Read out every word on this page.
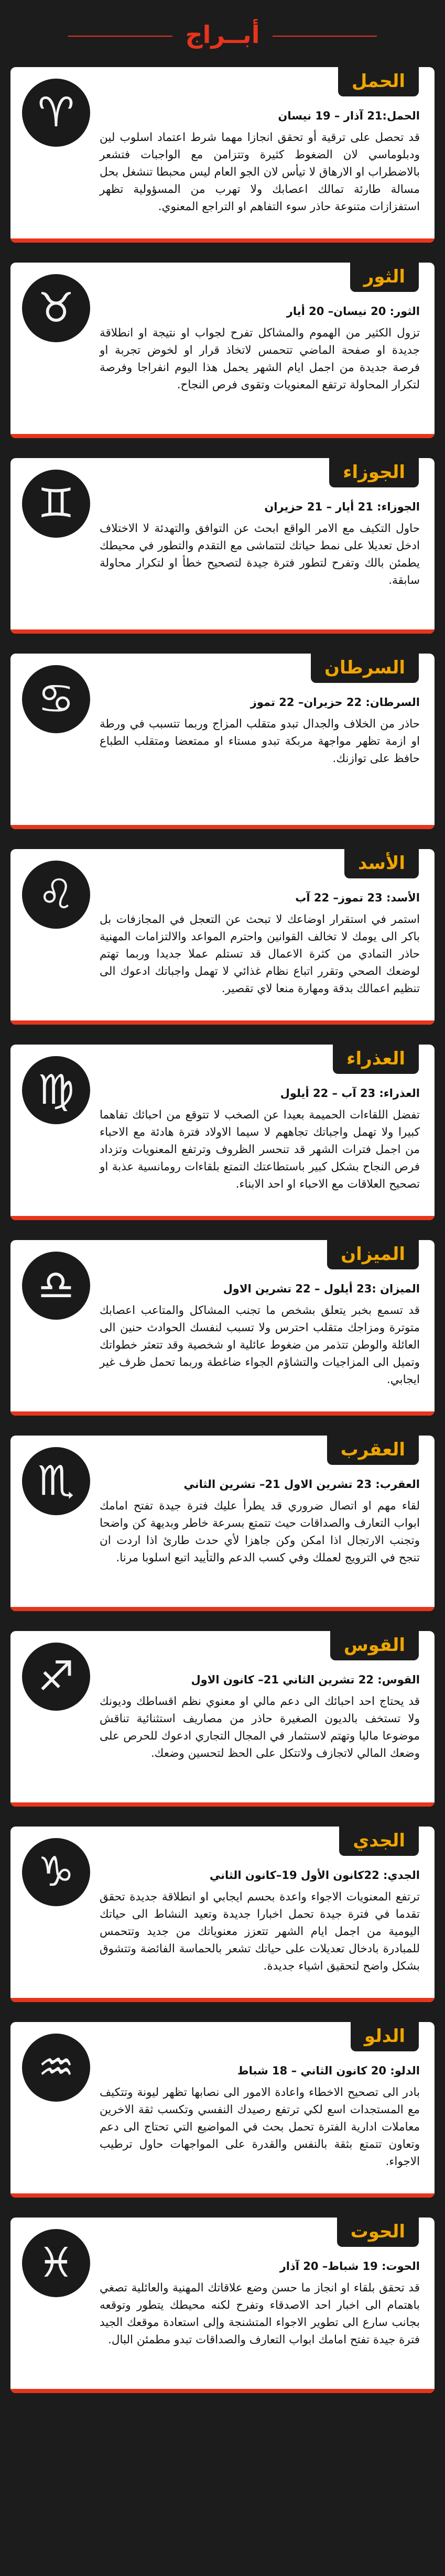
أبــراج
الحمل
♈	الحمل:21 آذار – 19 نيسان

قد تحصل على ترقية أو تحقق انجازا مهما شرط اعتماد اسلوب لين ودبلوماسي لان الضغوط كثيرة وتتزامن مع الواجبات فتشعر بالاضطراب او الارهاق لا تيأس لان الجو العام ليس محبطا تنشغل بحل مسالة طارئة تمالك اعصابك ولا تهرب من المسؤولية تظهر استفزازات متنوعة حاذر سوء التفاهم او التراجع المعنوي.

الثور
♉	الثور: 20 نيسان– 20 أيار

تزول الكثير من الهموم والمشاكل تفرح لجواب او نتيجة او انطلاقة جديدة او صفحة الماضي تتحمس لاتخاذ قرار او لخوض تجربة او فرصة جديدة من اجمل ايام الشهر يحمل هذا اليوم انفراجا وفرصة لتكرار المحاولة ترتفع المعنويات وتقوى فرص النجاح.

الجوزاء
♊	الجوزاء: 21 أيار – 21 حزيران

حاول التكيف مع الامر الواقع ابحث عن التوافق والتهدئة لا الاختلاف ادخل تعديلا على نمط حياتك لتتماشى مع التقدم والتطور في محيطك يطمئن بالك وتفرح لتطور فترة جيدة لتصحيح خطأ او لتكرار محاولة سابقة.

السرطان
♋	السرطان: 22 حزيران– 22 تموز

حاذر من الخلاف والجدال تبدو متقلب المزاج وربما تتسبب في ورطة او ازمة تظهر مواجهة مربكة تبدو مستاء او ممتعضا ومتقلب الطباع حافظ على توازنك.

الأسد
♌	الأسد: 23 تموز– 22 آب

استمر في استقرار اوضاعك لا تبحث عن التعجل في المجازفات بل باكر الى يومك لا تخالف القوانين واحترم المواعد والالتزامات المهنية حاذر التمادي من كثرة الاعمال قد تستلم عملا جديدا وربما تهتم لوضعك الصحي وتقرر اتباع نظام غذائي لا تهمل واجباتك ادعوك الى تنظيم اعمالك بدقة ومهارة منعا لاي تقصير.

العذراء
♍	العذراء: 23 آب – 22 أيلول

تفضل اللقاءات الحميمة بعيدا عن الصخب لا تتوقع من احبائك تفاهما كبيرا ولا تهمل واجباتك تجاههم لا سيما الاولاد فترة هادئة مع الاحباء من اجمل فترات الشهر قد تنحسر الظروف وترتفع المعنويات وتزداد فرص النجاح بشكل كبير باستطاعتك التمتع بلقاءات رومانسية عذبة او تصحيح العلاقات مع الاحباء او احد الابناء.

الميزان
♎	الميزان :23 أيلول – 22 تشرين الاول

قد تسمع بخبر يتعلق بشخص ما تجنب المشاكل والمتاعب اعصابك متوترة ومزاجك متقلب احترس ولا تسبب لنفسك الحوادث حنين الى العائلة والوطن تتذمر من ضغوط عائلية او شخصية وقد تتعثر خطواتك وتميل الى المزاجيات والتشاؤم الجواء ضاغطة وربما تحمل ظرف غير ايجابي.

العقرب
♏	العقرب: 23 تشرين الاول 21– تشرين الثاني

لقاء مهم او اتصال ضروري قد يطرأ عليك فترة جيدة تفتح امامك ابواب التعارف والصداقات حيث تتمتع بسرعة خاطر وبديهة كن واضحا وتجنب الارتجال اذا امكن وكن جاهزا لأي حدث طارئ اذا اردت ان تنجح في الترويج لعملك وفي كسب الدعم والتأييد اتبع اسلوبا مرنا.

القوس
♐	القوس: 22 تشرين الثاني 21– كانون الاول

قد يحتاج احد احبائك الى دعم مالي او معنوي نظم اقساطك وديونك ولا تستخف بالديون الصغيرة حاذر من مصاريف استثنائية تناقش موضوعا ماليا وتهتم لاستثمار في المجال التجاري ادعوك للحرص على وضعك المالي لاتجازف ولاتتكل على الحظ لتحسين وضعك.

الجدي
♑	الجدي: 22كانون الأول 19–كانون الثاني

ترتفع المعنويات الاجواء واعدة بحسم ايجابي او انطلاقة جديدة تحقق تقدما في فترة جيدة تحمل اخبارا جديدة وتعيد النشاط الى حياتك اليومية من اجمل ايام الشهر تتعزز معنوياتك من جديد وتتحمس للمبادرة بادخال تعديلات على حياتك تشعر بالحماسة الفائضة وتتشوق بشكل واضح لتحقيق اشياء جديدة.

الدلو
♒	الدلو: 20 كانون الثاني – 18 شباط

بادر الى تصحيح الاخطاء واعادة الامور الى نصابها تظهر ليونة وتتكيف مع المستجدات اسع لكي ترتفع رصيدك النفسي وتكسب ثقة الاخرين معاملات ادارية الفترة تحمل بحث في المواضيع التي تحتاج الى دعم وتعاون تتمتع بثقة بالنفس والقدرة على المواجهات حاول ترطيب الاجواء.

الحوت
♓	الحوت: 19 شباط– 20 آذار

قد تحقق بلقاء او انجاز ما حسن وضع علاقاتك المهنية والعائلية تصغي باهتمام الى اخبار احد الاصدقاء وتفرح لكنه محيطك يتطور وتوقعه بجانب سارع الى تطوير الاجواء المتشنجة وإلى استعادة موقعك الجيد فترة جيدة تفتح امامك ابواب التعارف والصداقات تبدو مطمئن البال.
